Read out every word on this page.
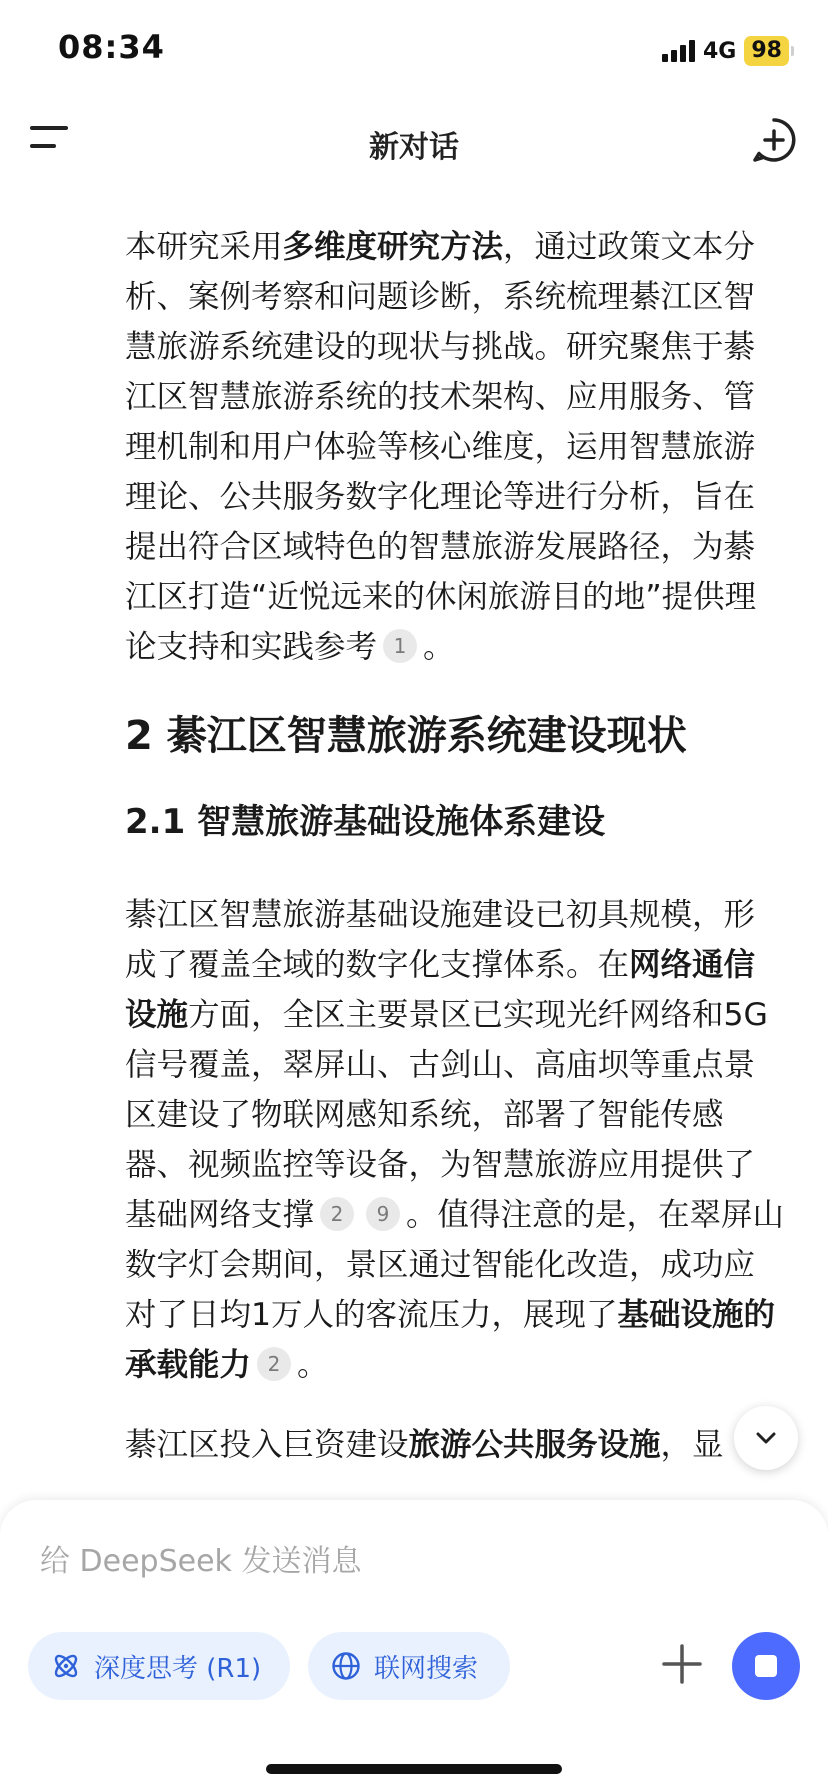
08:34	4G 98
新对话

本研究采用多维度研究方法，通过政策文本分析、案例考察和问题诊断，系统梳理綦江区智慧旅游系统建设的现状与挑战。研究聚焦于綦江区智慧旅游系统的技术架构、应用服务、管理机制和用户体验等核心维度，运用智慧旅游理论、公共服务数字化理论等进行分析，旨在提出符合区域特色的智慧旅游发展路径，为綦江区打造“近悦远来的休闲旅游目的地”提供理论支持和实践参考 1 。

2 綦江区智慧旅游系统建设现状
2.1 智慧旅游基础设施体系建设

綦江区智慧旅游基础设施建设已初具规模，形成了覆盖全域的数字化支撑体系。在网络通信设施方面，全区主要景区已实现光纤网络和5G信号覆盖，翠屏山、古剑山、高庙坝等重点景区建设了物联网感知系统，部署了智能传感器、视频监控等设备，为智慧旅游应用提供了基础网络支撑 2 9 。值得注意的是，在翠屏山数字灯会期间，景区通过智能化改造，成功应对了日均1万人的客流压力，展现了基础设施的承载能力 2 。

綦江区投入巨资建设旅游公共服务设施，显

给 DeepSeek 发送消息
深度思考 (R1)	联网搜索
